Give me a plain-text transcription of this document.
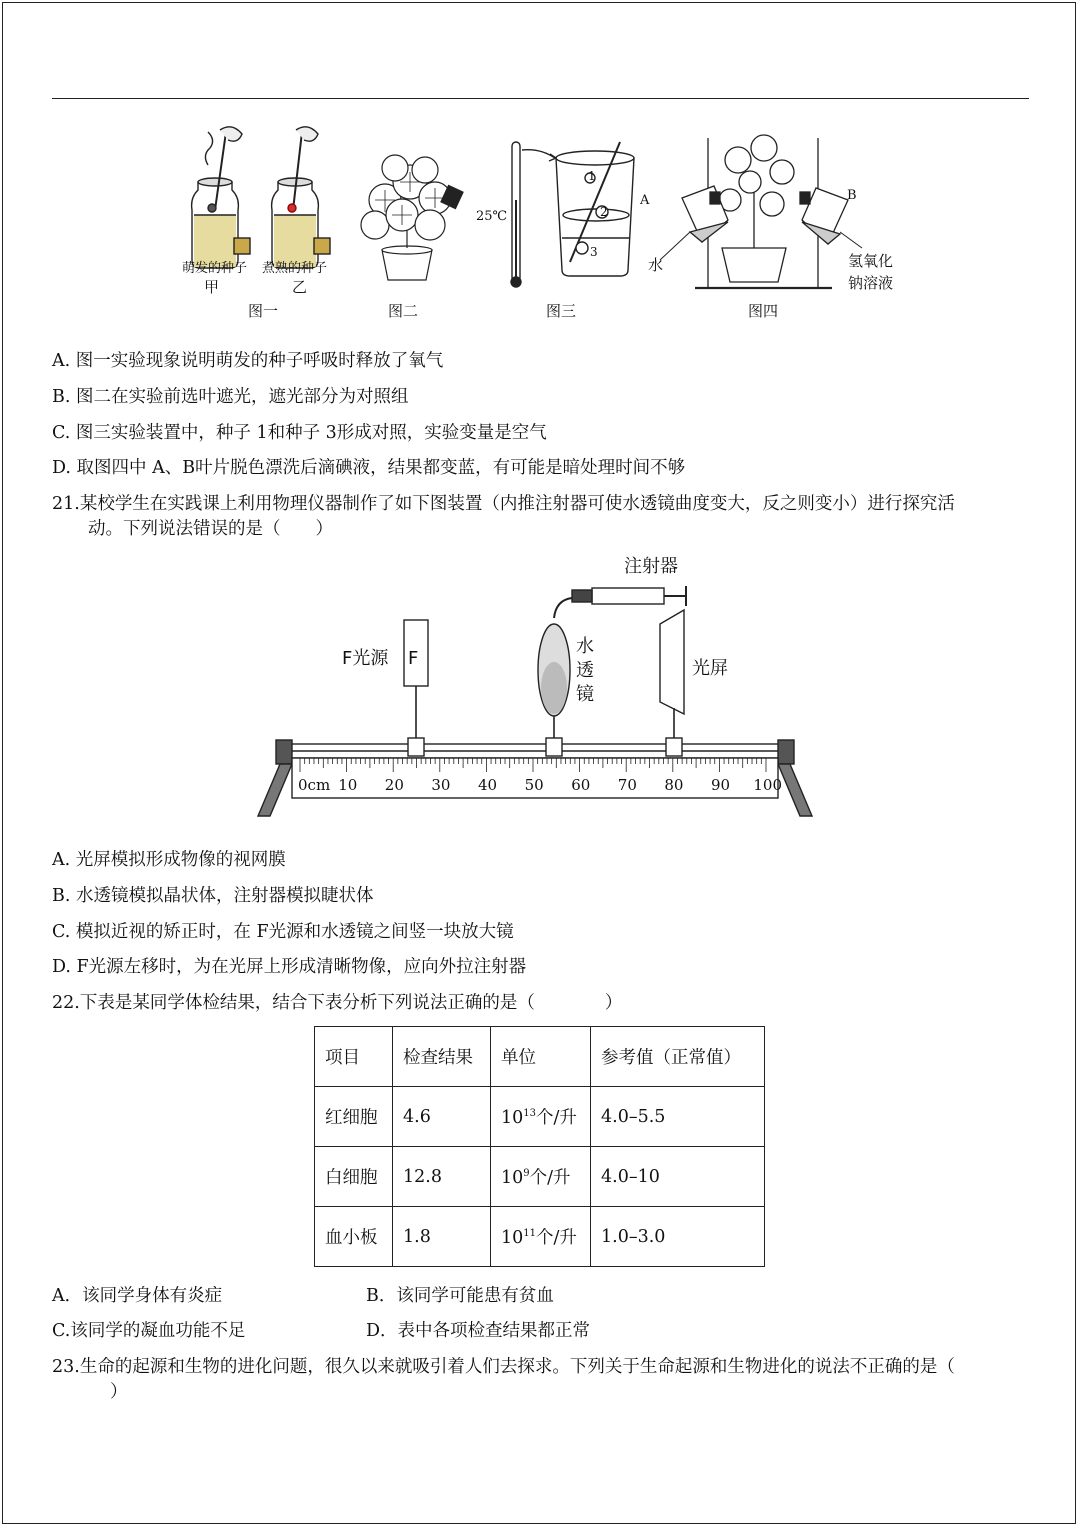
萌发的种子 煮熟的种子
甲	乙
图一	图二
25℃
1
2
3
图三
A	B
水	氢氧化
钠溶液
图四
A. 图一实验现象说明萌发的种子呼吸时释放了氧气
B. 图二在实验前选叶遮光，遮光部分为对照组
C. 图三实验装置中，种子 1和种子 3形成对照，实验变量是空气
D. 取图四中 A、B叶片脱色漂洗后滴碘液，结果都变蓝，有可能是暗处理时间不够
21.某校学生在实践课上利用物理仪器制作了如下图装置（内推注射器可使水透镜曲度变大，反之则变小）进行探究活
动。下列说法错误的是（　　）
注射器
F光源 F
水
透
镜
光屏
0cm 10 20 30 40 50 60 70 80 90 100
A. 光屏模拟形成物像的视网膜
B. 水透镜模拟晶状体，注射器模拟睫状体
C. 模拟近视的矫正时，在 F光源和水透镜之间竖一块放大镜
D. F光源左移时，为在光屏上形成清晰物像，应向外拉注射器
22.下表是某同学体检结果，结合下表分析下列说法正确的是（　　　　）
项目	检查结果	单位	参考值（正常值）
红细胞	4.6	$10^{13}$个/升	4.0–5.5
白细胞	12.8	$10^9$个/升	4.0–10
血小板	1.8	$10^{11}$个/升	1.0–3.0
A．该同学身体有炎症	B．该同学可能患有贫血
C.该同学的凝血功能不足	D．表中各项检查结果都正常
23.生命的起源和生物的进化问题，很久以来就吸引着人们去探求。下列关于生命起源和生物进化的说法不正确的是（
）
